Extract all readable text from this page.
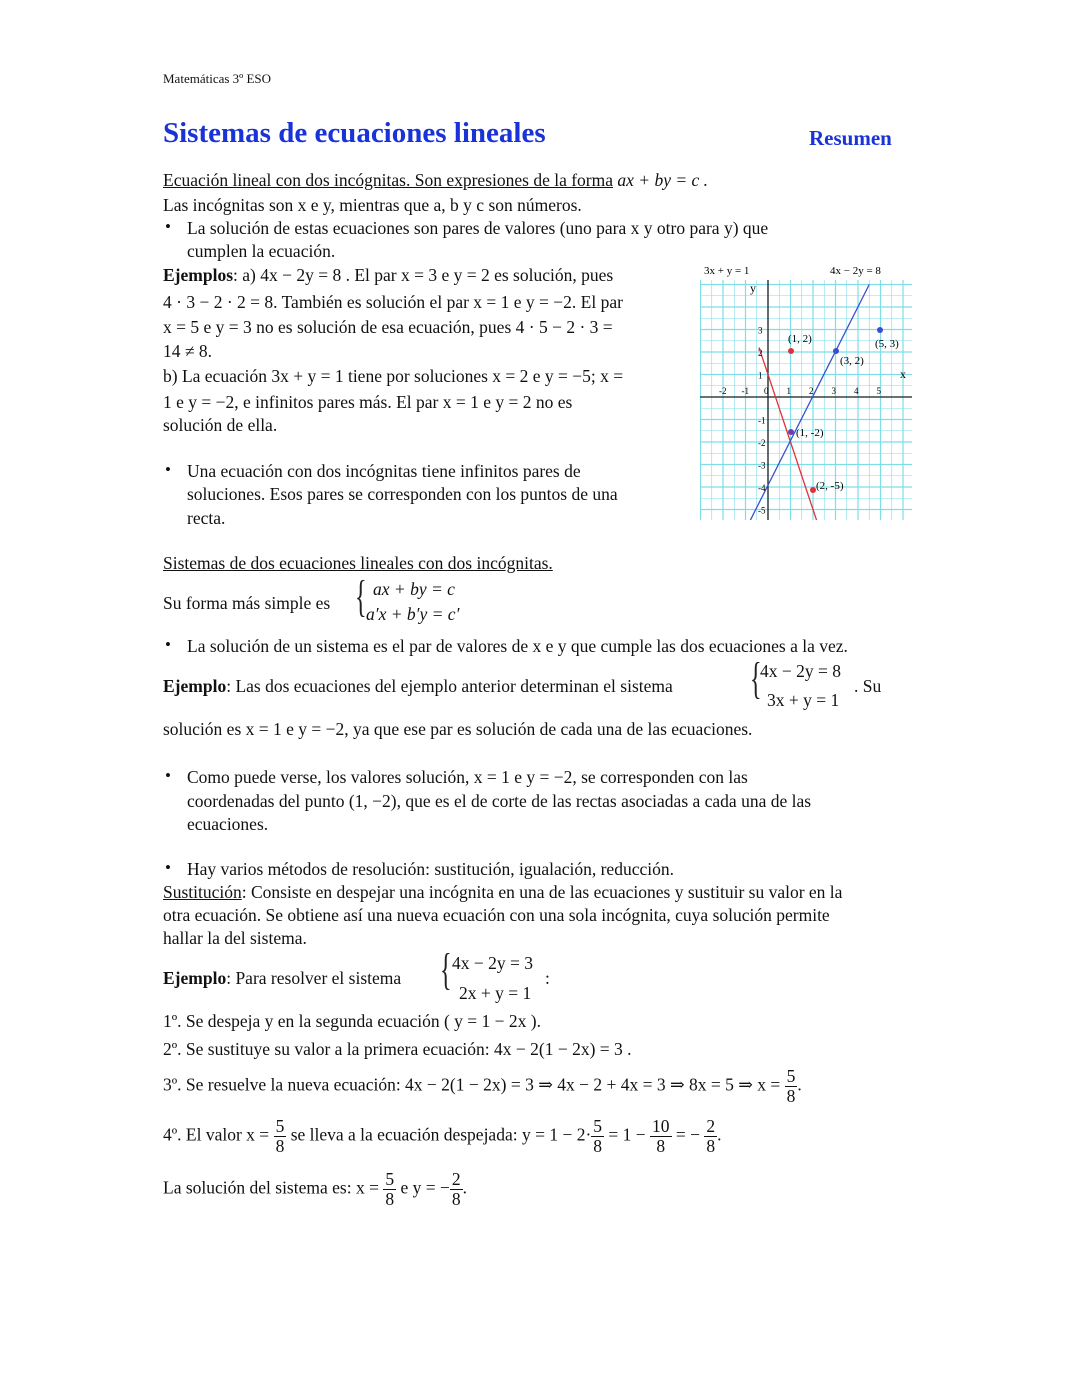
Matemáticas 3º ESO
Sistemas de ecuaciones lineales	Resumen
Ecuación lineal con dos incógnitas. Son expresiones de la forma ax + by = c .
Las incógnitas son x e y, mientras que a, b y c son números.
• La solución de estas ecuaciones son pares de valores (uno para x y otro para y) que
cumplen la ecuación.
Ejemplos: a) 4x − 2y = 8 . El par x = 3 e y = 2 es solución, pues
4 · 3 − 2 · 2 = 8. También es solución el par x = 1 e y = −2. El par
x = 5 e y = 3 no es solución de esa ecuación, pues 4 · 5 − 2 · 3 =
14 ≠ 8.
b) La ecuación 3x + y = 1 tiene por soluciones x = 2 e y = −5; x =
1 e y = −2, e infinitos pares más. El par x = 1 e y = 2 no es
solución de ella.
• Una ecuación con dos incógnitas tiene infinitos pares de
soluciones. Esos pares se corresponden con los puntos de una
recta.
3x + y = 1	4x − 2y = 8
y
x
-2 -1 0 1 2 3 4 5
3
2
1
-1
-2
-3
-4
-5
(1, 2)	(5, 3)
(3, 2)
(1, -2)
(2, -5)
Sistemas de dos ecuaciones lineales con dos incógnitas.
Su forma más simple es { ax + by = c
a′x + b′y = c′
• La solución de un sistema es el par de valores de x e y que cumple las dos ecuaciones a la vez.
Ejemplo: Las dos ecuaciones del ejemplo anterior determinan el sistema {
4x − 2y = 8
3x + y = 1
. Su
solución es x = 1 e y = −2, ya que ese par es solución de cada una de las ecuaciones.
• Como puede verse, los valores solución, x = 1 e y = −2, se corresponden con las
coordenadas del punto (1, −2), que es el de corte de las rectas asociadas a cada una de las
ecuaciones.
• Hay varios métodos de resolución: sustitución, igualación, reducción.
Sustitución: Consiste en despejar una incógnita en una de las ecuaciones y sustituir su valor en la
otra ecuación. Se obtiene así una nueva ecuación con una sola incógnita, cuya solución permite
hallar la del sistema.
Ejemplo: Para resolver el sistema { 4x − 2y = 3
2x + y = 1
:
1º. Se despeja y en la segunda ecuación ( y = 1 − 2x ).
2º. Se sustituye su valor a la primera ecuación: 4x − 2(1 − 2x) = 3 .
3º. Se resuelve la nueva ecuación: 4x − 2(1 − 2x) = 3 ⇒ 4x − 2 + 4x = 3 ⇒ 8x = 5 ⇒ $x = \frac{5}{8}$ .
4º. El valor $x = \frac{5}{8}$ se lleva a la ecuación despejada: $y = 1 - 2\cdot \frac{5}{8} = 1 - \frac{10}{8}$ = − $\frac{2}{8}$ .
La solución del sistema es: $x = \frac{5}{8}$ e y = − $\frac{2}{8}$ .
